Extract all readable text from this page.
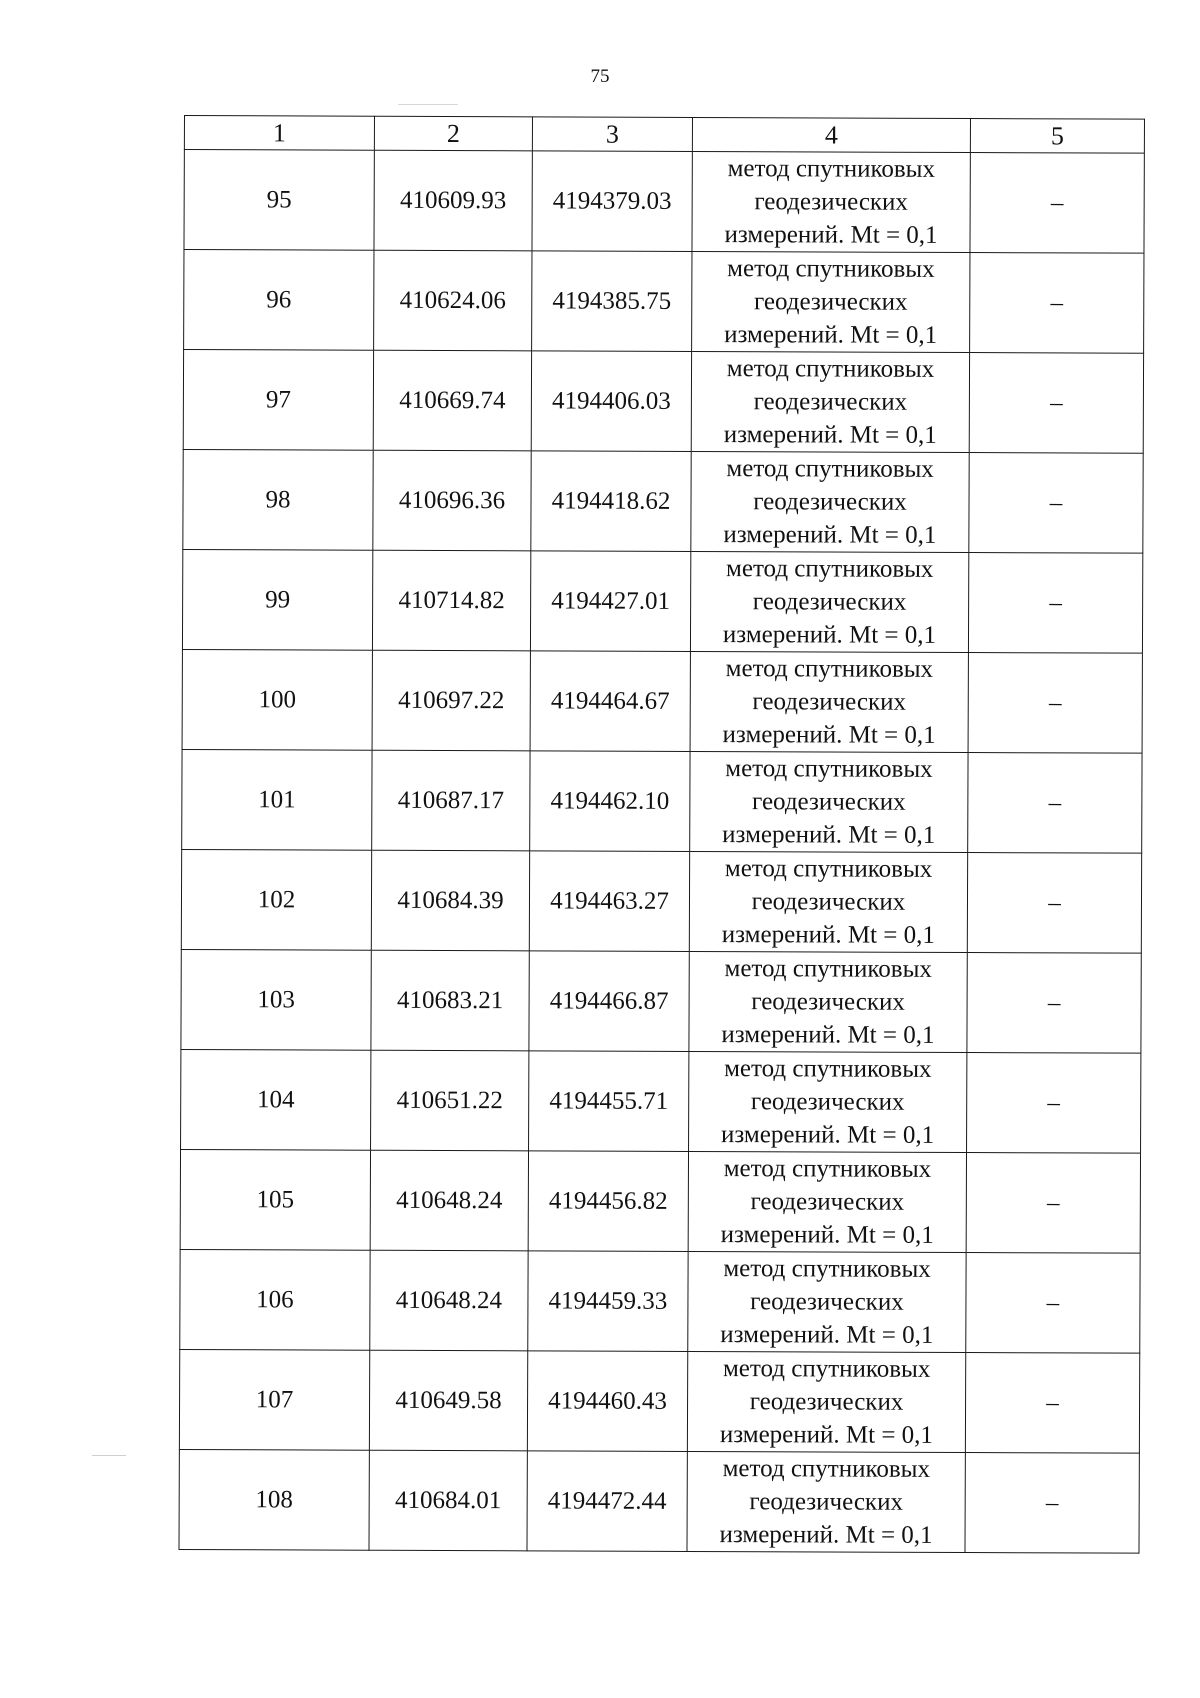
75
1	2	3	4	5
95	410609.93	4194379.03	метод спутниковых
геодезических
измерений. Mt = 0,1	–
96	410624.06	4194385.75	метод спутниковых
геодезических
измерений. Mt = 0,1	–
97	410669.74	4194406.03	метод спутниковых
геодезических
измерений. Mt = 0,1	–
98	410696.36	4194418.62	метод спутниковых
геодезических
измерений. Mt = 0,1	–
99	410714.82	4194427.01	метод спутниковых
геодезических
измерений. Mt = 0,1	–
100	410697.22	4194464.67	метод спутниковых
геодезических
измерений. Mt = 0,1	–
101	410687.17	4194462.10	метод спутниковых
геодезических
измерений. Mt = 0,1	–
102	410684.39	4194463.27	метод спутниковых
геодезических
измерений. Mt = 0,1	–
103	410683.21	4194466.87	метод спутниковых
геодезических
измерений. Mt = 0,1	–
104	410651.22	4194455.71	метод спутниковых
геодезических
измерений. Mt = 0,1	–
105	410648.24	4194456.82	метод спутниковых
геодезических
измерений. Mt = 0,1	–
106	410648.24	4194459.33	метод спутниковых
геодезических
измерений. Mt = 0,1	–
107	410649.58	4194460.43	метод спутниковых
геодезических
измерений. Mt = 0,1	–
108	410684.01	4194472.44	метод спутниковых
геодезических
измерений. Mt = 0,1	–
